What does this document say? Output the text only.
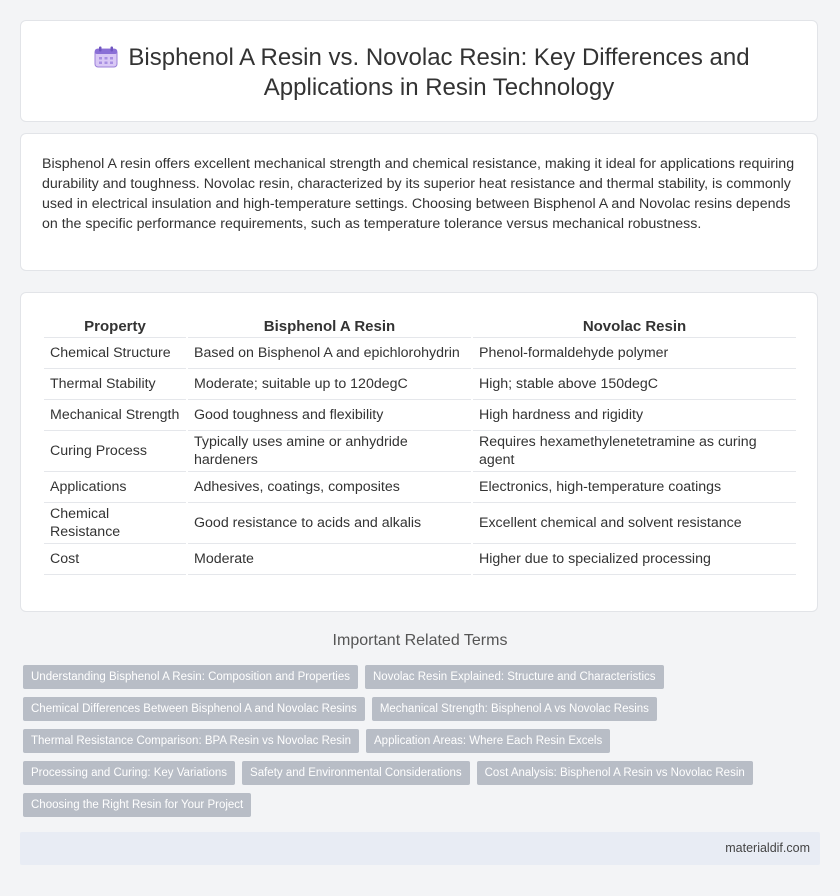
Bisphenol A Resin vs. Novolac Resin: Key Differences and Applications in Resin Technology

Bisphenol A resin offers excellent mechanical strength and chemical resistance, making it ideal for applications requiring durability and toughness. Novolac resin, characterized by its superior heat resistance and thermal stability, is commonly used in electrical insulation and high-temperature settings. Choosing between Bisphenol A and Novolac resins depends on the specific performance requirements, such as temperature tolerance versus mechanical robustness.

Property	Bisphenol A Resin	Novolac Resin
Chemical Structure	Based on Bisphenol A and epichlorohydrin	Phenol-formaldehyde polymer
Thermal Stability	Moderate; suitable up to 120degC	High; stable above 150degC
Mechanical Strength	Good toughness and flexibility	High hardness and rigidity
Curing Process	Typically uses amine or anhydride hardeners	Requires hexamethylenetetramine as curing agent
Applications	Adhesives, coatings, composites	Electronics, high-temperature coatings
Chemical Resistance	Good resistance to acids and alkalis	Excellent chemical and solvent resistance
Cost	Moderate	Higher due to specialized processing
Important Related Terms
Understanding Bisphenol A Resin: Composition and Properties	Novolac Resin Explained: Structure and Characteristics
Chemical Differences Between Bisphenol A and Novolac Resins	Mechanical Strength: Bisphenol A vs Novolac Resins
Thermal Resistance Comparison: BPA Resin vs Novolac Resin	Application Areas: Where Each Resin Excels
Processing and Curing: Key Variations	Safety and Environmental Considerations	Cost Analysis: Bisphenol A Resin vs Novolac Resin
Choosing the Right Resin for Your Project
materialdif.com
